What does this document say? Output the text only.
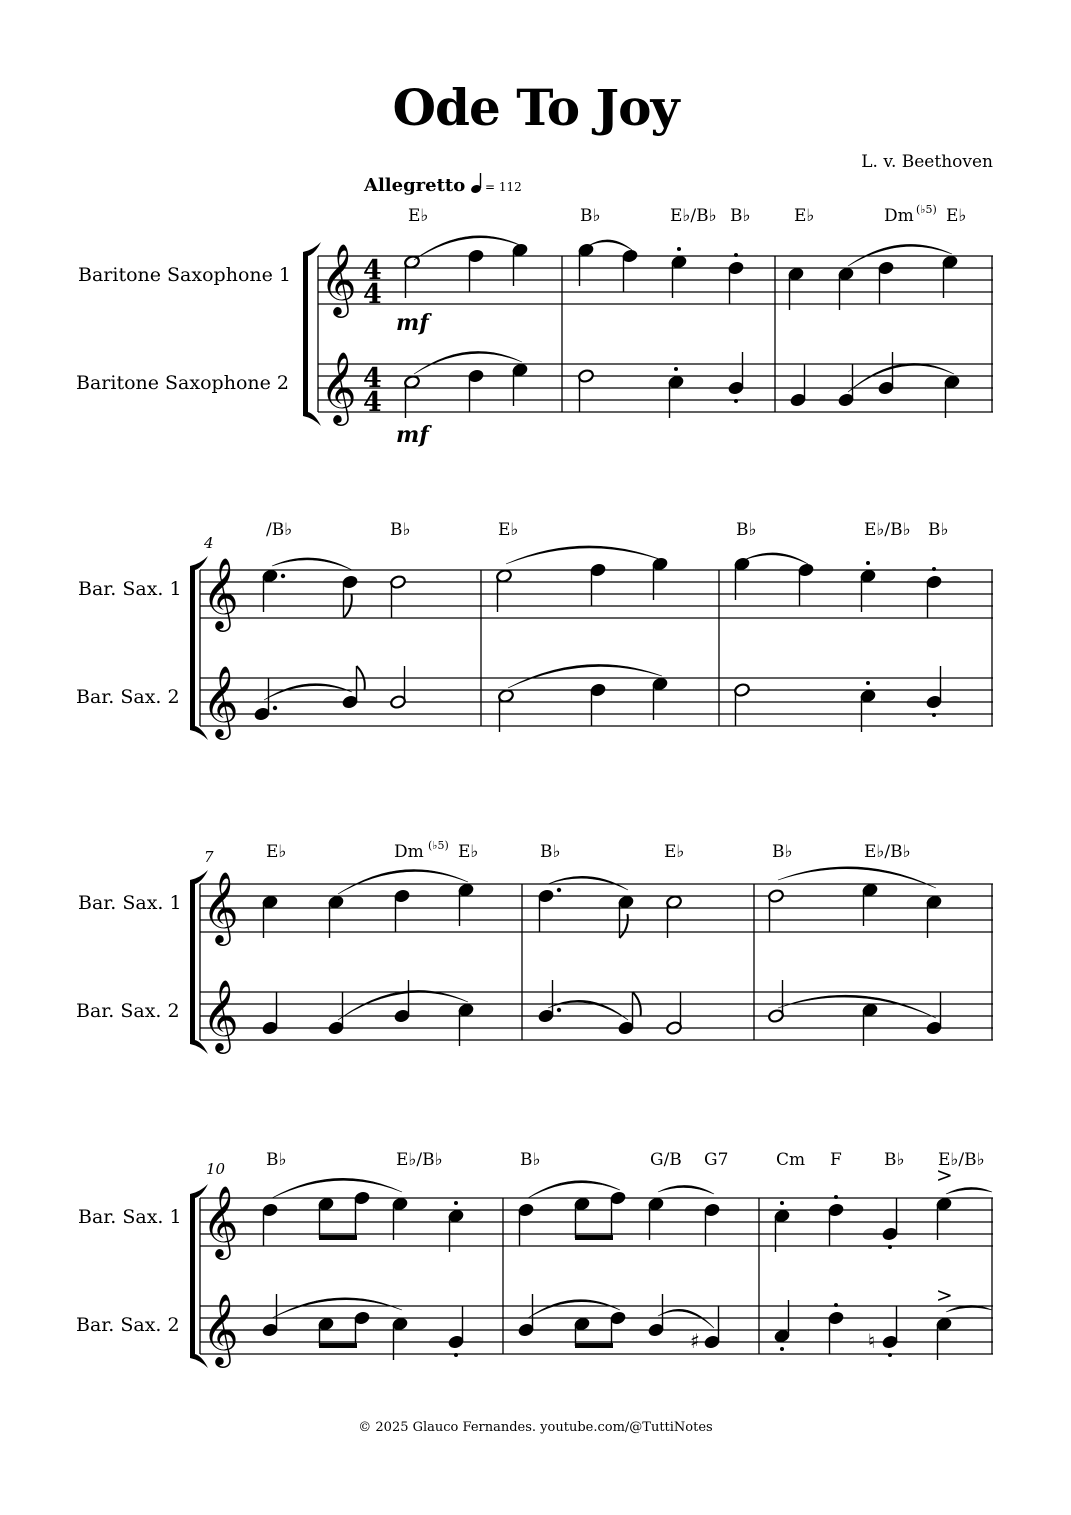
𝄞
𝄞
4
4
4
4
𝄞
𝄞
𝄞
𝄞
𝄞
𝄞
>
♯	♮
>
Ode To Joy
L. v. Beethoven
Allegretto = 112
Baritone Saxophone 1
Baritone Saxophone 2
mf
mf
E♭	B♭	E♭/B♭ B♭	E♭	Dm (♭5) E♭
Bar. Sax. 1
Bar. Sax. 2
4
/B♭	B♭	E♭	B♭	E♭/B♭ B♭
Bar. Sax. 1
Bar. Sax. 2
7	E♭	Dm (♭5) E♭	B♭	E♭	B♭	E♭/B♭
Bar. Sax. 1
Bar. Sax. 2
10 B♭	E♭/B♭	B♭	G/B G7	Cm F B♭ E♭/B♭
© 2025 Glauco Fernandes. youtube.com/@TuttiNotes
